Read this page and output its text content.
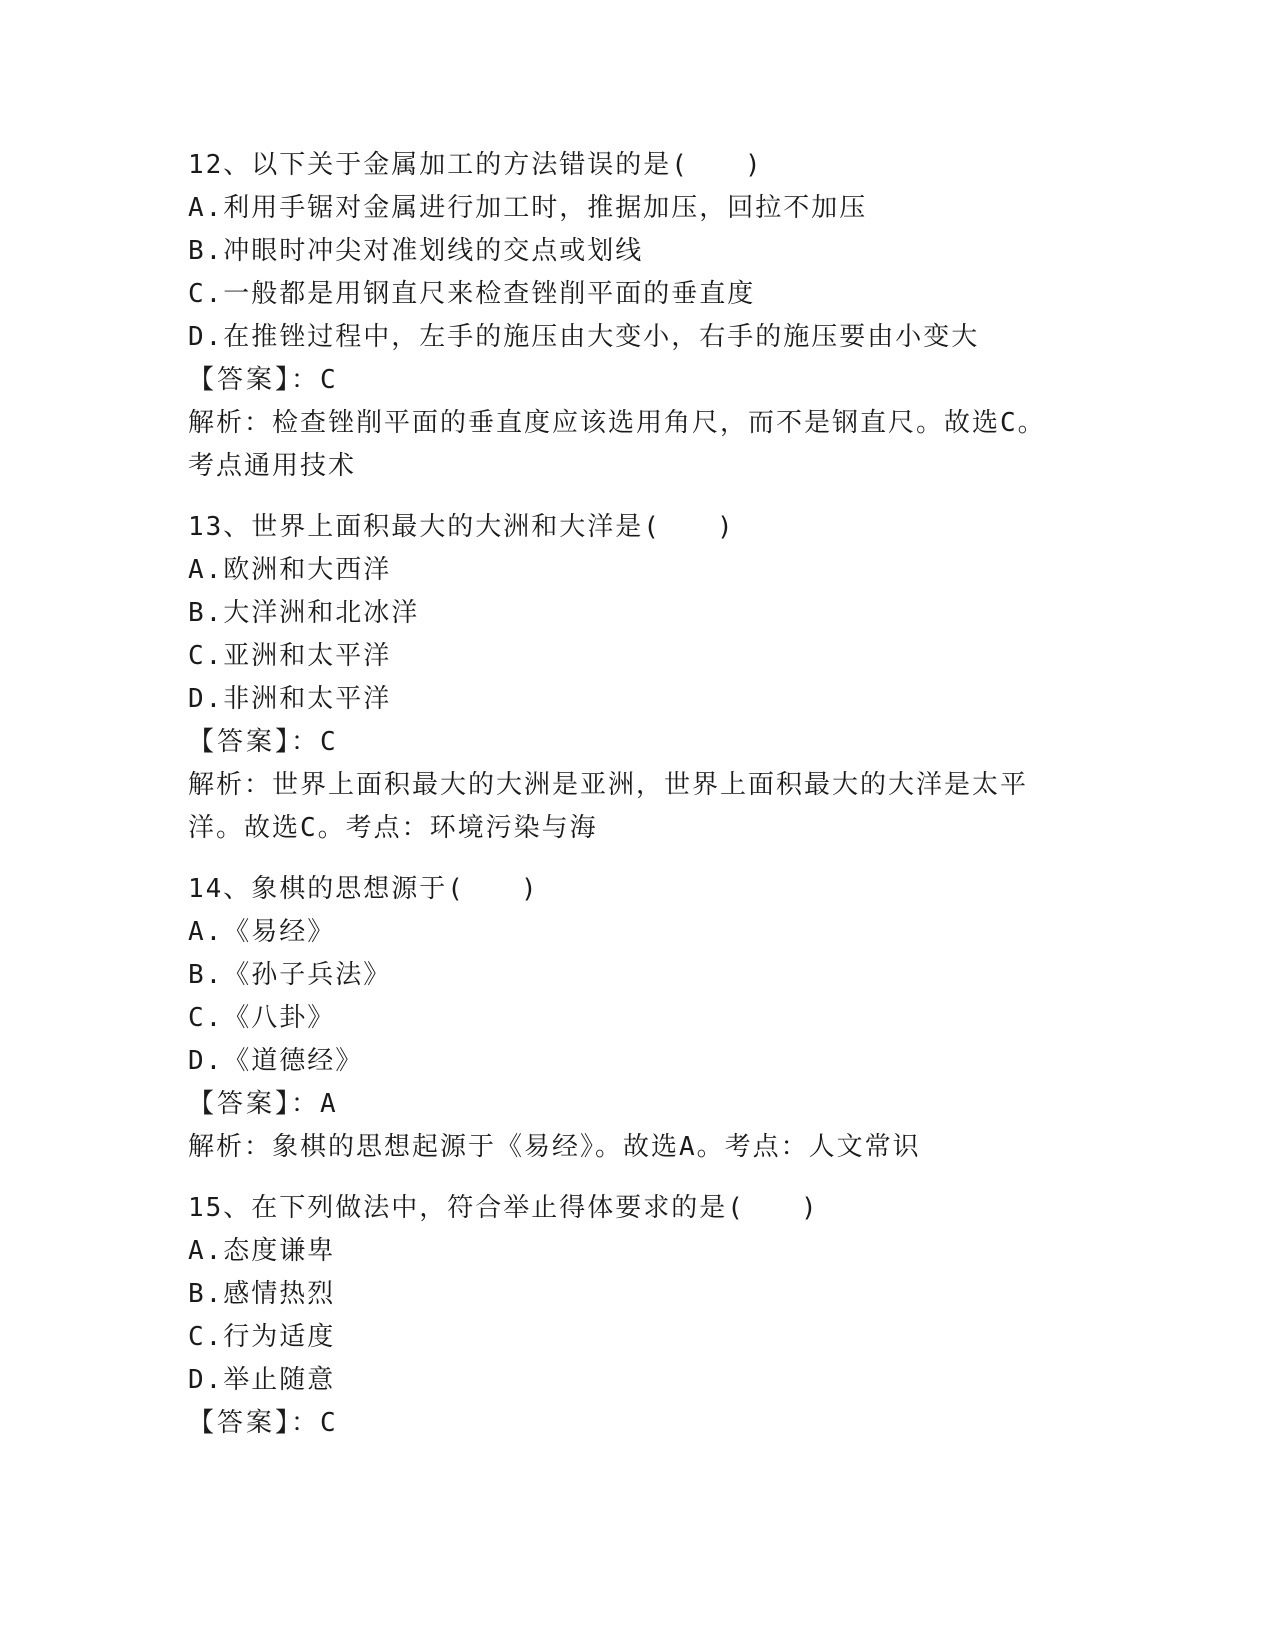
12、以下关于金属加工的方法错误的是(　　)
A.利用手锯对金属进行加工时，推据加压，回拉不加压
B.冲眼时冲尖对准划线的交点或划线
C.一般都是用钢直尺来检查锉削平面的垂直度
D.在推锉过程中，左手的施压由大变小，右手的施压要由小变大
【答案】：C
解析：检查锉削平面的垂直度应该选用角尺，而不是钢直尺。故选C。
考点通用技术
13、世界上面积最大的大洲和大洋是(　　)
A.欧洲和大西洋
B.大洋洲和北冰洋
C.亚洲和太平洋
D.非洲和太平洋
【答案】：C
解析：世界上面积最大的大洲是亚洲，世界上面积最大的大洋是太平
洋。故选C。考点：环境污染与海
14、象棋的思想源于(　　)
A.《易经》
B.《孙子兵法》
C.《八卦》
D.《道德经》
【答案】：A
解析：象棋的思想起源于《易经》。故选A。考点：人文常识
15、在下列做法中，符合举止得体要求的是(　　)
A.态度谦卑
B.感情热烈
C.行为适度
D.举止随意
【答案】：C
